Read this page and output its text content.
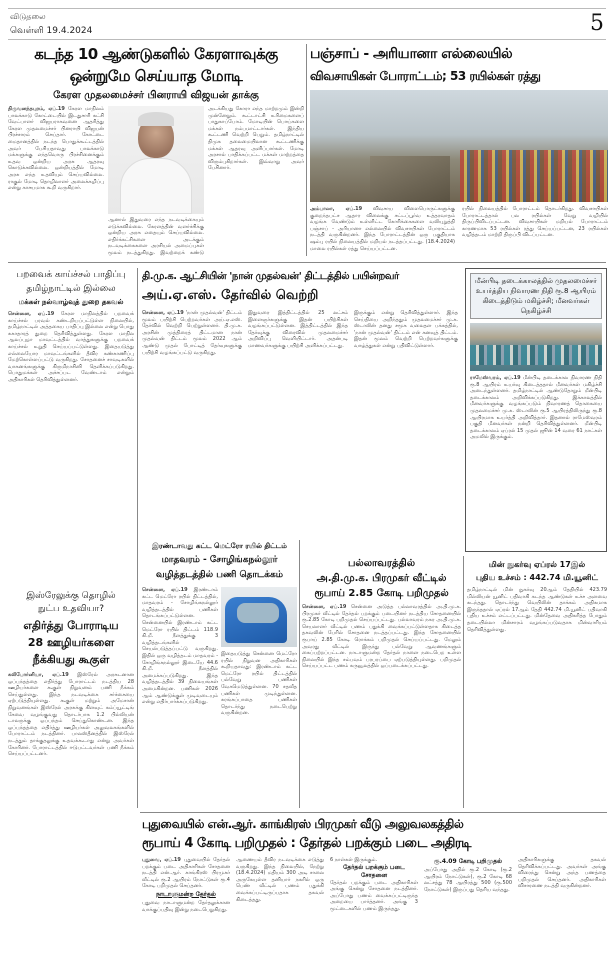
விடுதலை
வெள்ளி 19.4.2024	5
கடந்த 10 ஆண்டுகளில் கேரளாவுக்கு
ஒன்றுமே செய்யாத மோடி
கேரள முதலமைச்சர் பினராயி விஜயன் தாக்கு
திருவனந்தபுரம், ஏப்.19 கேரள மாநிலம் பாலக்காடு கோட்டையில் இடதுசாரி கட்சி வேட்பாளர் விஜயராகவனை ஆதரித்து கேரள முதலமைச்சர் பினராயி விஜயன் பிரச்சாரம் செய்தார். கோட்டை மைதானத்தில் நடந்த பொதுக்கூட்டத்தில் அவர் பேசியதாவது பாலக்காடு மக்களுக்கு எந்தவொரு பிரச்சினைக்கும் உதவ ஒன்றிய அரசு ஆதரவு கொடுக்கவில்லை. ஒன்றியத்தில் மோடி அரசு எந்த உதவியும் செய்யவில்லை. ராகுல் மோடி தொழிலாளர் அலைக்கழிப்பு என்று காசயமாக கூறி வருகிறார்.
ஆனால் இதுவரை எந்த நடவடிக்கையும் எடுக்கவில்லை. கேரளத்தின் வளர்ச்சிக்கு ஒன்றிய அரசு எதையும் செய்யவில்லை. எதிர்க்கட்சிகளை அடக்கும் நடவடிக்கைகளை அரசியல் அமைப்புகள் மூலம் நடத்துகிறது. இவற்றைக் கண்டு
அடக்கியது கோரா எந்த மாற்றமும் இன்றி முன்னேறும். கூட்டாட்சி உரிமைகளைப் பாதுகாப்போம். மோடியின் பொய்களை மக்கள் நம்பமாட்டார்கள். இந்திய கூட்டணி வெற்றி பெறும். தமிழ்நாட்டில் திமுக தலைமையிலான கூட்டணிக்கு மக்கள் ஆதரவு அளிப்பார்கள். மோடி அரசால் பாதிக்கப்பட்ட மக்கள் மாற்றத்தை விரும்புகிறார்கள். இவ்வாறு அவர் பேசினார்.
பஞ்சாப் - அரியானா எல்லையில்
விவசாயிகள் போராட்டம்; 53 ரயில்கள் ரத்து
அம்பாலா, ஏப்.19 விவசாய விளைபொருட்களுக்கு குறைந்தபட்ச ஆதார விலைக்கு சட்டப்பூர்வ உத்தரவாதம் வழங்க வேண்டும் உள்ளிட்ட கோரிக்கைகளை வலியுறுத்தி பஞ்சாப் - அரியானா எல்லையில் விவசாயிகள் போராட்டம் நடத்தி வருகின்றனர். இந்த போராட்டத்தின் ஒரு பகுதியாக ஷம்பு ரயில் நிலையத்தில் மறியல் நடத்தப்பட்டது. (18.4.2024) மாலை ரயில்கள் ரத்து செய்யப்பட்டன.
ரயில் நிலையத்தில் போராட்டம் தொடர்கிறது. விவசாயிகள் போராட்டத்தால் பல ரயில்கள் வேறு வழியில் திருப்பிவிடப்பட்டன. விவசாயிகள் மறியல் போராட்டம் காரணமாக 53 ரயில்கள் ரத்து செய்யப்பட்டன, 23 ரயில்கள் வழித்தடம் மாற்றி திருப்பி விடப்பட்டன.
பறவைக் காய்ச்சல் பாதிப்பு
தமிழ்நாட்டில் இல்லை
மக்கள் நல்வாழ்வுத் துறை தகவல்
சென்னை, ஏப்.19 கேரள மாநிலத்தில் பறவைக் காய்ச்சல் பரவல் கண்டறியப்பட்டுள்ள நிலையில், தமிழ்நாட்டில் அத்தகைய பாதிப்பு இல்லை என்று பொது சுகாதாரத் துறை தெரிவித்துள்ளது. கேரள மாநில ஆலப்புழா மாவட்டத்தில் வாத்துகளுக்கு பறவைக் காய்ச்சல் உறுதி செய்யப்பட்டுள்ளது. இதையடுத்து எல்லையோர மாவட்டங்களில் தீவிர கண்காணிப்பு மேற்கொள்ளப்பட்டு வருகிறது. சோதனைச் சாவடிகளில் வாகனங்களுக்கு கிருமிநாசினி தெளிக்கப்படுகிறது. பொதுமக்கள் அச்சப்பட வேண்டாம் என்றும் அதிகாரிகள் தெரிவித்துள்ளனர்.
இஸ்ரேலுக்கு தொழில்
நுட்ப உதவியா?
எதிர்த்து போராடிய
28 ஊழியர்களை
நீக்கியது கூகுள்
கலிபோர்னியா, ஏப்.19 இஸ்ரேல் அரசுடனான ஒப்பந்தத்தை எதிர்த்து போராட்டம் நடத்திய 28 ஊழியர்களை கூகுள் நிறுவனம் பணி நீக்கம் செய்துள்ளது. இந்த நடவடிக்கை சர்ச்சையை ஏற்படுத்தியுள்ளது. கூகுள் மற்றும் அமேசான் நிறுவனங்கள் இஸ்ரேல் அரசுக்கு கிளவுட் கம்ப்யூட்டிங் சேவை வழங்குவது தொடர்பாக 1.2 பில்லியன் டாலருக்கு ஒப்பந்தம் செய்துகொண்டன. இந்த ஒப்பந்தத்தை எதிர்த்து ஊழியர்கள் அலுவலகங்களில் போராட்டம் நடத்தினர். பாலஸ்தீனத்தில் இஸ்ரேல் நடத்தும் தாக்குதலுக்கு உதவக்கூடாது என்று அவர்கள் கோரினர். போராட்டத்தில் ஈடுபட்டவர்கள் பணி நீக்கம் செய்யப்பட்டனர்.
தி.மு.க. ஆட்சியின் 'நான் முதல்வன்' திட்டத்தில் பயின்றவர்
அய்.ஏ.எஸ். தேர்வில் வெற்றி
சென்னை, ஏப்.19 'நான் முதல்வன்' திட்டம் மூலம் பயிற்சி பெற்றவர்கள் அய்.ஏ.எஸ். தேர்வில் வெற்றி பெற்றுள்ளனர். தி.மு.க. அரசின் முத்திரைத் திட்டமான நான் முதல்வன் திட்டம் மூலம் 2022 ஆம் ஆண்டு முதல் போட்டித் தேர்வுகளுக்கு பயிற்சி வழங்கப்பட்டு வருகிறது.
இதுவரை இத்திட்டத்தில் 25 லட்சம் இளைஞர்களுக்கு இதன் பயிற்சிகள் வழங்கப்பட்டுள்ளன. இத்திட்டத்தில் இந்த தேர்வுக்கு விரைவில் முதலமைச்சர் அறிவிப்பு வெளியிட்டார். அதன்படி மாணவர்களுக்கு பயிற்சி அளிக்கப்பட்டது.
இருக்கும் என்று தெரிவித்துள்ளார். இந்த செய்தியை அறிந்ததும் முதலமைச்சர் மு.க. ஸ்டாலின் தனது சமூக வலைதள பக்கத்தில், 'நான் முதல்வன்' திட்டம் என் கனவுத் திட்டம். இதன் மூலம் வெற்றி பெற்றவர்களுக்கு வாழ்த்துகள் என்று பதிவிட்டுள்ளார்.
மீன்பிடி தடைக்காலத்தில் முதலமைச்சர் உயர்த்திய நிவாரண நிதி ரூ.8 ஆயிரம் கிடைத்திடும் மகிழ்ச்சி; மீனவர்கள் நெகிழ்ச்சி
ராமேஸ்வரம், ஏப்.19 மீன்பிடி தடைக்கால நிவாரண நிதி ரூ.8 ஆயிரம் உயர்வு கிடைத்ததால் மீனவர்கள் மகிழ்ச்சி அடைந்துள்ளனர். தமிழ்நாட்டில் ஆண்டுதோறும் மீன்பிடி தடைக்காலம் அறிவிக்கப்படுகிறது. இக்காலத்தில் மீனவர்களுக்கு வழங்கப்படும் நிவாரணத் தொகையை முதலமைச்சர் மு.க. ஸ்டாலின் ரூ.5 ஆயிரத்திலிருந்து ரூ.8 ஆயிரமாக உயர்த்தி அறிவித்தார். இதனால் ராமேஸ்வரம் பகுதி மீனவர்கள் நன்றி தெரிவித்துள்ளனர். மீன்பிடி தடைக்காலம் ஏப்ரல் 15 முதல் ஜூன் 14 வரை 61 நாட்கள் அமலில் இருக்கும்.
இரண்டாவது கட்ட மெட்ரோ ரயில் திட்டம்
மாதவரம் - சோழிங்கநல்லூர்
வழித்தடத்தில் பணி தொடக்கம்
சென்னை, ஏப்.19 இரண்டாம் கட்ட மெட்ரோ ரயில் திட்டத்தில், மாதவரம் - சோழிங்கநல்லூர் வழித்தடத்தில் பணிகள் தொடங்கப்பட்டுள்ளன. சென்னையில் இரண்டாம் கட்ட மெட்ரோ ரயில் திட்டம் 118.9 கி.மீ. நீளத்துக்கு 3 வழித்தடங்களில் செயல்படுத்தப்பட்டு வருகிறது. இதில் ஒரு வழித்தடம் மாதவரம் - சோழிங்கநல்லூர் இடையே 44.6 கி.மீ. நீளத்தில் அமைக்கப்படுகிறது. இந்த வழித்தடத்தில் 39 நிலையங்கள் அமைகின்றன. பணிகள் 2026 ஆம் ஆண்டுக்குள் முடிவடையும் என்று எதிர்பார்க்கப்படுகிறது.
இதையடுத்து சென்னை மெட்ரோ ரயில் நிறுவன அதிகாரிகள் கூறியதாவது: இரண்டாம் கட்ட மெட்ரோ ரயில் திட்டத்தில் பல்வேறு பணிகள் வேகமெடுத்துள்ளன. 70 சதவீத பணிகள் முடிந்துள்ளன. சுரங்கப்பாதை பணிகள் தொடர்ந்து நடைபெற்று வருகின்றன.
பல்லாவரத்தில்
அ.தி.மு.க. பிரமுகர் வீட்டில்
ரூபாய் 2.85 கோடி பறிமுதல்
சென்னை, ஏப்.19 சென்னை அடுத்த பல்லாவரத்தில் அ.தி.மு.க. பிரமுகர் வீட்டில் தேர்தல் பறக்கும் படையினர் நடத்திய சோதனையில் ரூ.2.85 கோடி பறிமுதல் செய்யப்பட்டது. பல்லாவரம் நகர அ.தி.மு.க. செயலாளர் வீட்டில் பணம் பதுக்கி வைக்கப்பட்டுள்ளதாக கிடைத்த தகவலின் பேரில் சோதனை நடத்தப்பட்டது. இந்த சோதனையில் ரூபாய் 2.85 கோடி ரொக்கம் பறிமுதல் செய்யப்பட்டது. மேலும் அவரது வீட்டில் இருந்து பல்வேறு ஆவணங்களும் கைப்பற்றப்பட்டன. நாடாளுமன்ற தேர்தல் நாளை நடைபெற உள்ள நிலையில் இந்த சம்பவம் பரபரப்பை ஏற்படுத்தியுள்ளது. பறிமுதல் செய்யப்பட்ட பணம் கருவூலத்தில் ஒப்படைக்கப்பட்டது.
மின் நுகர்வு ஏப்ரல் 17இல்
புதிய உச்சம் : 442.74 மி.யூனிட்
தமிழ்நாட்டில் மின் நுகர்வு 20ஆம் தேதியில் 423.79 மில்லியன் யூனிட் பதிவாகி கடந்த ஆண்டுகள் உச்ச அளவை கடந்தது. தொடர்ந்து வெயிலின் தாக்கம் அதிகமாக இருந்ததால் ஏப்ரல் 17ஆம் தேதி 442.74 மி.யூனிட் பதிவாகி புதிய உச்சம் எட்டப்பட்டது. மின்தேவை அதிகரித்த போதும் தடையில்லா மின்சாரம் வழங்கப்படுவதாக மின்வாரியம் தெரிவித்துள்ளது.
புதுவையில் என்.ஆர். காங்கிரஸ் பிரமுகர் வீடு அலுவலகத்தில்
ரூபாய் 4 கோடி பறிமுதல் : தேர்தல் பறக்கும் படை அதிரடி
புதுவை, ஏப்.19 புதுவையில் தேர்தல் பறக்கும் படை அதிகாரிகள் சோதனை நடத்தி என்.ஆர். காங்கிரஸ் பிரமுகர் வீட்டில் ரூ.2 ஆயிரம் நோட்டுகள் ரூ.4 கோடி பறிமுதல் செய்தனர்.
நாடாளுமன்ற தேர்தல்
புதுவை நாடாளுமன்ற தேர்தலுக்கான வாக்குப்பதிவு இன்று நடைபெறுகிறது.
ஆணையம் தீவிர நடவடிக்கை எடுத்து வருகிறது. இந்த நிலையில், நேற்று (18.4.2024) மதியம் 300 அடி சாலை அருகேயுள்ள தனியார் நகரில் ஒரு பெண் வீட்டில் பணம் பதுக்கி வைக்கப்பட்டிருப்பதாக தகவல் கிடைத்தது.
6 நாள்கள் இருக்கும்.
தேர்தல் பறக்கும் படை சோதனை
தேர்தல் பறக்கும் படை அதிகாரிகள் அங்கு சென்று சோதனை நடத்தினர். அப்போது பணம் வைக்கப்பட்டிருந்த அறையை பார்த்தனர். அங்கு 3 மூட்டைகளில் பணம் இருந்தது.
ரூ.4.09 கோடி பறிமுதல்
அப்போது அதில் ரூ.2 கோடி (ரூ.2 ஆயிரம் நோட்டுகள்), ரூ.2 கோடி 68 லட்சத்து 78 ஆயிரத்து 500 (ரூ.500 நோட்டுகள்) இருப்பது தெரிய வந்தது.
அதிகாரிகளுக்கு தகவல் தெரிவிக்கப்பட்டது. அவர்கள் அங்கு விரைந்து சென்று அந்த பணத்தை பறிமுதல் செய்தனர். அதிகாரிகள் விசாரணை நடத்தி வருகின்றனர்.
